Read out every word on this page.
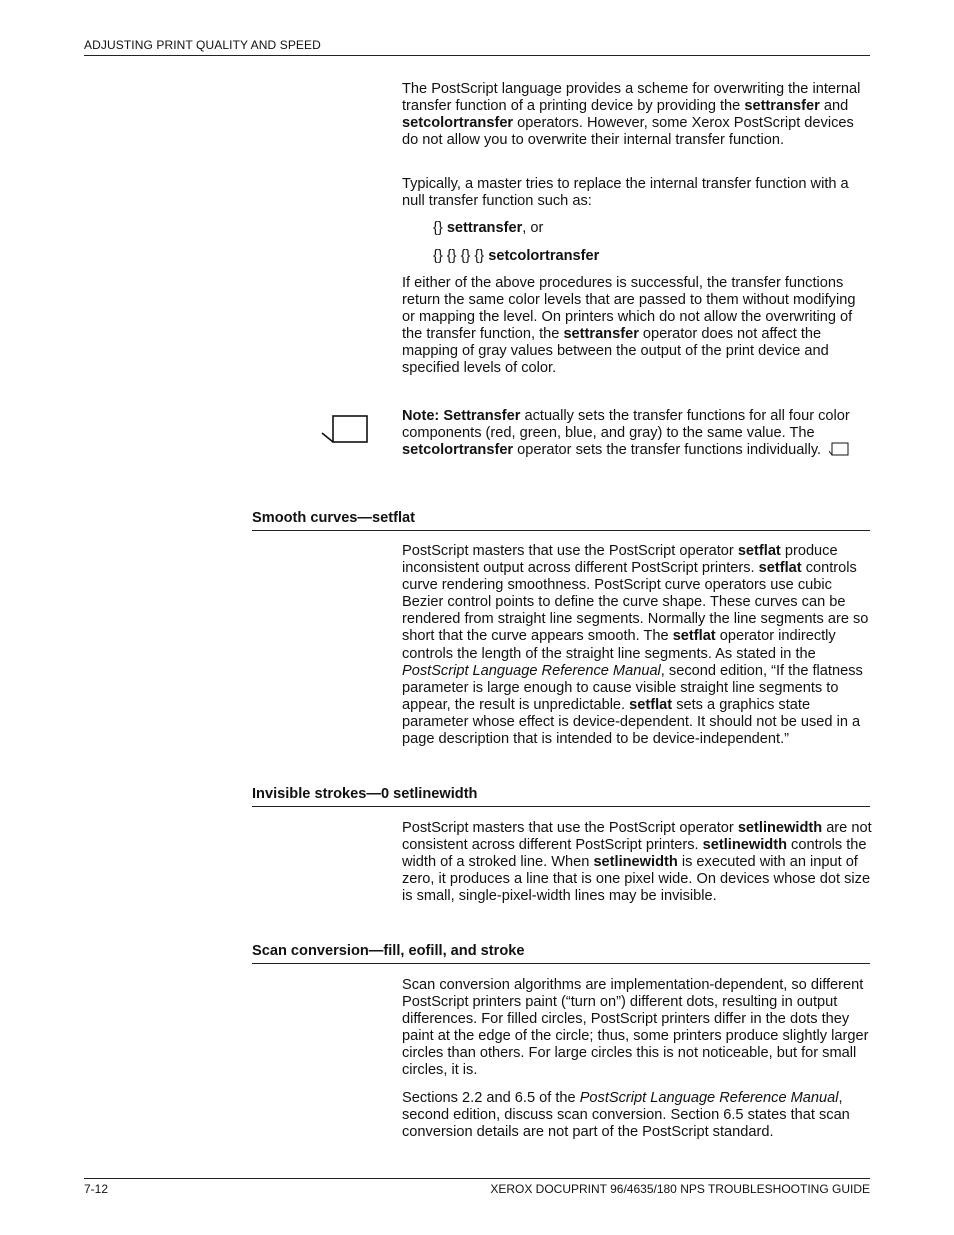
ADJUSTING PRINT QUALITY AND SPEED

The PostScript language provides a scheme for overwriting the internal transfer function of a printing device by providing the settransfer and setcolortransfer operators. However, some Xerox PostScript devices do not allow you to overwrite their internal transfer function.

Typically, a master tries to replace the internal transfer function with a null transfer function such as:

{} settransfer, or
{} {} {} {} setcolortransfer

If either of the above procedures is successful, the transfer functions return the same color levels that are passed to them without modifying or mapping the level. On printers which do not allow the overwriting of the transfer function, the settransfer operator does not affect the mapping of gray values between the output of the print device and specified levels of color.

Note: Settransfer actually sets the transfer functions for all four color components (red, green, blue, and gray) to the same value. The setcolortransfer operator sets the transfer functions individually.

Smooth curves—setflat

PostScript masters that use the PostScript operator setflat produce inconsistent output across different PostScript printers. setflat controls curve rendering smoothness. PostScript curve operators use cubic Bezier control points to define the curve shape. These curves can be rendered from straight line segments. Normally the line segments are so short that the curve appears smooth. The setflat operator indirectly controls the length of the straight line segments. As stated in the PostScript Language Reference Manual, second edition, “If the flatness parameter is large enough to cause visible straight line segments to appear, the result is unpredictable. setflat sets a graphics state parameter whose effect is device-dependent. It should not be used in a page description that is intended to be device-independent.”

Invisible strokes—0 setlinewidth

PostScript masters that use the PostScript operator setlinewidth are not consistent across different PostScript printers. setlinewidth controls the width of a stroked line. When setlinewidth is executed with an input of zero, it produces a line that is one pixel wide. On devices whose dot size is small, single-pixel-width lines may be invisible.

Scan conversion—fill, eofill, and stroke

Scan conversion algorithms are implementation-dependent, so different PostScript printers paint (“turn on”) different dots, resulting in output differences. For filled circles, PostScript printers differ in the dots they paint at the edge of the circle; thus, some printers produce slightly larger circles than others. For large circles this is not noticeable, but for small circles, it is.

Sections 2.2 and 6.5 of the PostScript Language Reference Manual, second edition, discuss scan conversion. Section 6.5 states that scan conversion details are not part of the PostScript standard.

7-12	XEROX DOCUPRINT 96/4635/180 NPS TROUBLESHOOTING GUIDE
